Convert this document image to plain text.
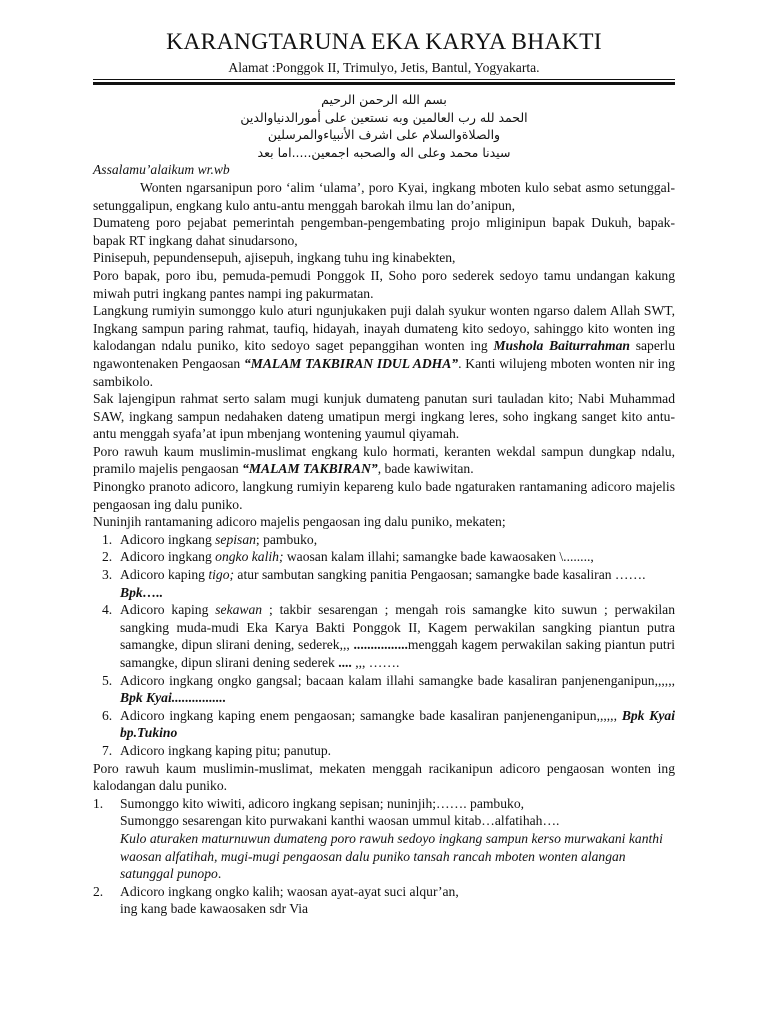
KARANGTARUNA EKA KARYA BHAKTI
Alamat :Ponggok II, Trimulyo, Jetis, Bantul, Yogyakarta.
بسم الله الرحمن الرحيم
الحمد لله رب العالمين وبه نستعين على أمورالدنياوالدين
والصلاةوالسلام على اشرف الأنبياءوالمرسلين
سيدنا محمد وعلى اله والصحبه اجمعين.....اما بعد

Assalamu’alaikum wr.wb

Wonten ngarsanipun poro ‘alim ‘ulama’, poro Kyai, ingkang mboten kulo sebat asmo setunggal-setunggalipun, engkang kulo antu-antu menggah barokah ilmu lan do’anipun,

Dumateng poro pejabat pemerintah pengemban-pengembating projo mliginipun bapak Dukuh, bapak-bapak RT ingkang dahat sinudarsono,

Pinisepuh, pepundensepuh, ajisepuh, ingkang tuhu ing kinabekten,

Poro bapak, poro ibu, pemuda-pemudi Ponggok II, Soho poro sederek sedoyo tamu undangan kakung miwah putri ingkang pantes nampi ing pakurmatan.

Langkung rumiyin sumonggo kulo aturi ngunjukaken puji dalah syukur wonten ngarso dalem Allah SWT, Ingkang sampun paring rahmat, taufiq, hidayah, inayah dumateng kito sedoyo, sahinggo kito wonten ing kalodangan ndalu puniko, kito sedoyo saget pepanggihan wonten ing Mushola Baiturrahman saperlu ngawontenaken Pengaosan “MALAM TAKBIRAN IDUL ADHA”. Kanti wilujeng mboten wonten nir ing sambikolo.

Sak lajengipun rahmat serto salam mugi kunjuk dumateng panutan suri tauladan kito; Nabi Muhammad SAW, ingkang sampun nedahaken dateng umatipun mergi ingkang leres, soho ingkang sanget kito antu-antu menggah syafa’at ipun mbenjang wontening yaumul qiyamah.

Poro rawuh kaum muslimin-muslimat engkang kulo hormati, keranten wekdal sampun dungkap ndalu, pramilo majelis pengaosan “MALAM TAKBIRAN”, bade kawiwitan.

Pinongko pranoto adicoro, langkung rumiyin kepareng kulo bade ngaturaken rantamaning adicoro majelis pengaosan ing dalu puniko.

Nuninjih rantamaning adicoro majelis pengaosan ing dalu puniko, mekaten;

1. Adicoro ingkang sepisan; pambuko,
2. Adicoro ingkang ongko kalih; waosan kalam illahi; samangke bade kawaosaken \........,
3. Adicoro kaping tigo; atur sambutan sangking panitia Pengaosan; samangke bade kasaliran …….
Bpk…..
4. Adicoro kaping sekawan ; takbir sesarengan ; mengah rois samangke kito suwun ; perwakilan sangking muda-mudi Eka Karya Bakti Ponggok II, Kagem perwakilan sangking piantun putra samangke, dipun slirani dening, sederek,,, ................menggah kagem perwakilan saking piantun putri samangke, dipun slirani dening sederek .... ,,, …….
5. Adicoro ingkang ongko gangsal; bacaan kalam illahi samangke bade kasaliran panjenenganipun,,,,,, Bpk Kyai................
6. Adicoro ingkang kaping enem pengaosan; samangke bade kasaliran panjenenganipun,,,,,, Bpk Kyai bp.Tukino
7. Adicoro ingkang kaping pitu; panutup.

Poro rawuh kaum muslimin-muslimat, mekaten menggah racikanipun adicoro pengaosan wonten ing kalodangan dalu puniko.

1. Sumonggo kito wiwiti, adicoro ingkang sepisan; nuninjih;……. pambuko,
Sumonggo sesarengan kito purwakani kanthi waosan ummul kitab…alfatihah….
Kulo aturaken maturnuwun dumateng poro rawuh sedoyo ingkang sampun kerso murwakani kanthi waosan alfatihah, mugi-mugi pengaosan dalu puniko tansah rancah mboten wonten alangan satunggal punopo.
2. Adicoro ingkang ongko kalih; waosan ayat-ayat suci alqur’an,
ing kang bade kawaosaken sdr Via
